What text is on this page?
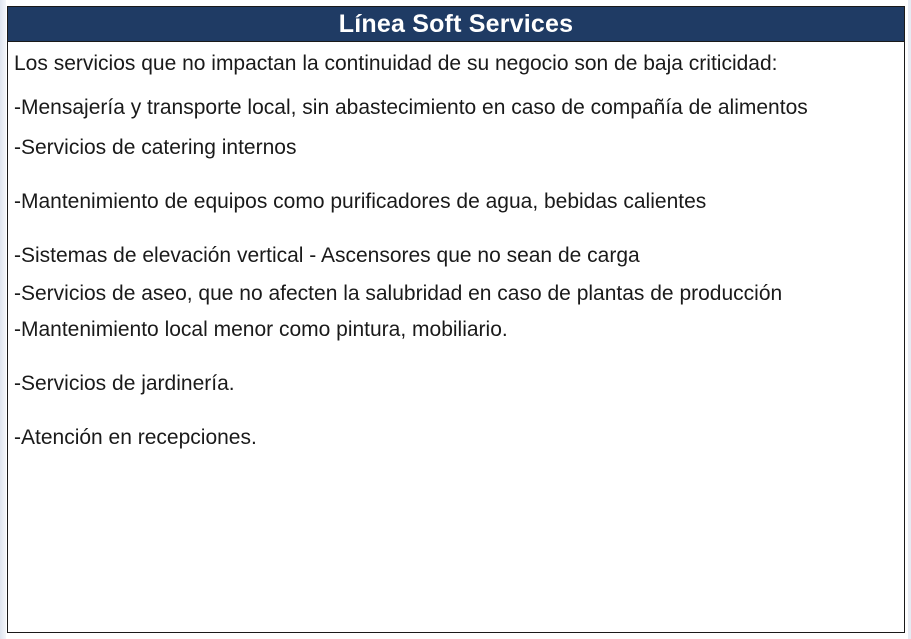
Línea Soft Services

Los servicios que no impactan la continuidad de su negocio son de baja criticidad:

-Mensajería y transporte local, sin abastecimiento en caso de compañía de alimentos

-Servicios de catering internos

-Mantenimiento de equipos como purificadores de agua, bebidas calientes

-Sistemas de elevación vertical - Ascensores que no sean de carga

-Servicios de aseo, que no afecten la salubridad en caso de plantas de producción

-Mantenimiento local menor como pintura, mobiliario.

-Servicios de jardinería.

-Atención en recepciones.
